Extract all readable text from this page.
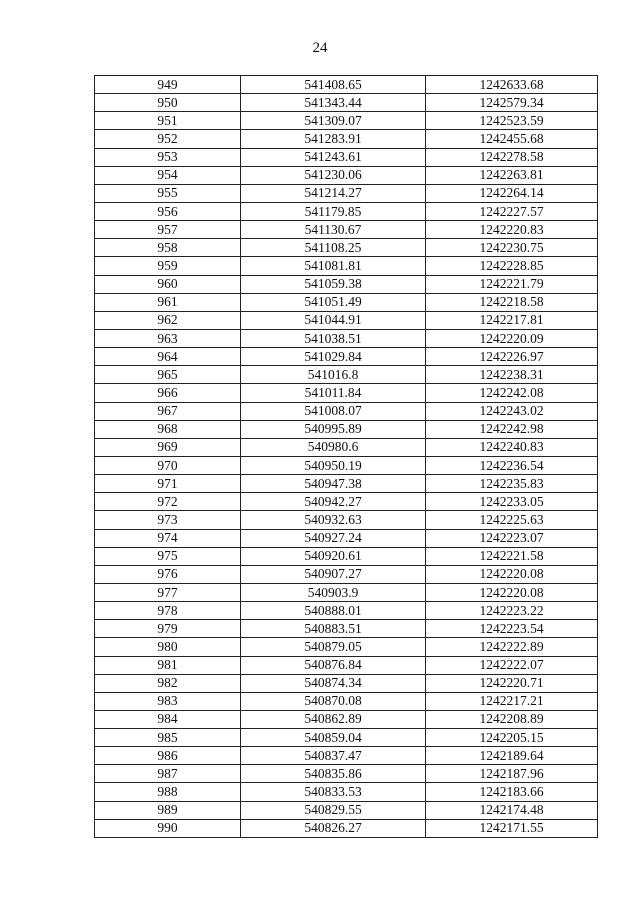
24
949	541408.65	1242633.68
950	541343.44	1242579.34
951	541309.07	1242523.59
952	541283.91	1242455.68
953	541243.61	1242278.58
954	541230.06	1242263.81
955	541214.27	1242264.14
956	541179.85	1242227.57
957	541130.67	1242220.83
958	541108.25	1242230.75
959	541081.81	1242228.85
960	541059.38	1242221.79
961	541051.49	1242218.58
962	541044.91	1242217.81
963	541038.51	1242220.09
964	541029.84	1242226.97
965	541016.8	1242238.31
966	541011.84	1242242.08
967	541008.07	1242243.02
968	540995.89	1242242.98
969	540980.6	1242240.83
970	540950.19	1242236.54
971	540947.38	1242235.83
972	540942.27	1242233.05
973	540932.63	1242225.63
974	540927.24	1242223.07
975	540920.61	1242221.58
976	540907.27	1242220.08
977	540903.9	1242220.08
978	540888.01	1242223.22
979	540883.51	1242223.54
980	540879.05	1242222.89
981	540876.84	1242222.07
982	540874.34	1242220.71
983	540870.08	1242217.21
984	540862.89	1242208.89
985	540859.04	1242205.15
986	540837.47	1242189.64
987	540835.86	1242187.96
988	540833.53	1242183.66
989	540829.55	1242174.48
990	540826.27	1242171.55
